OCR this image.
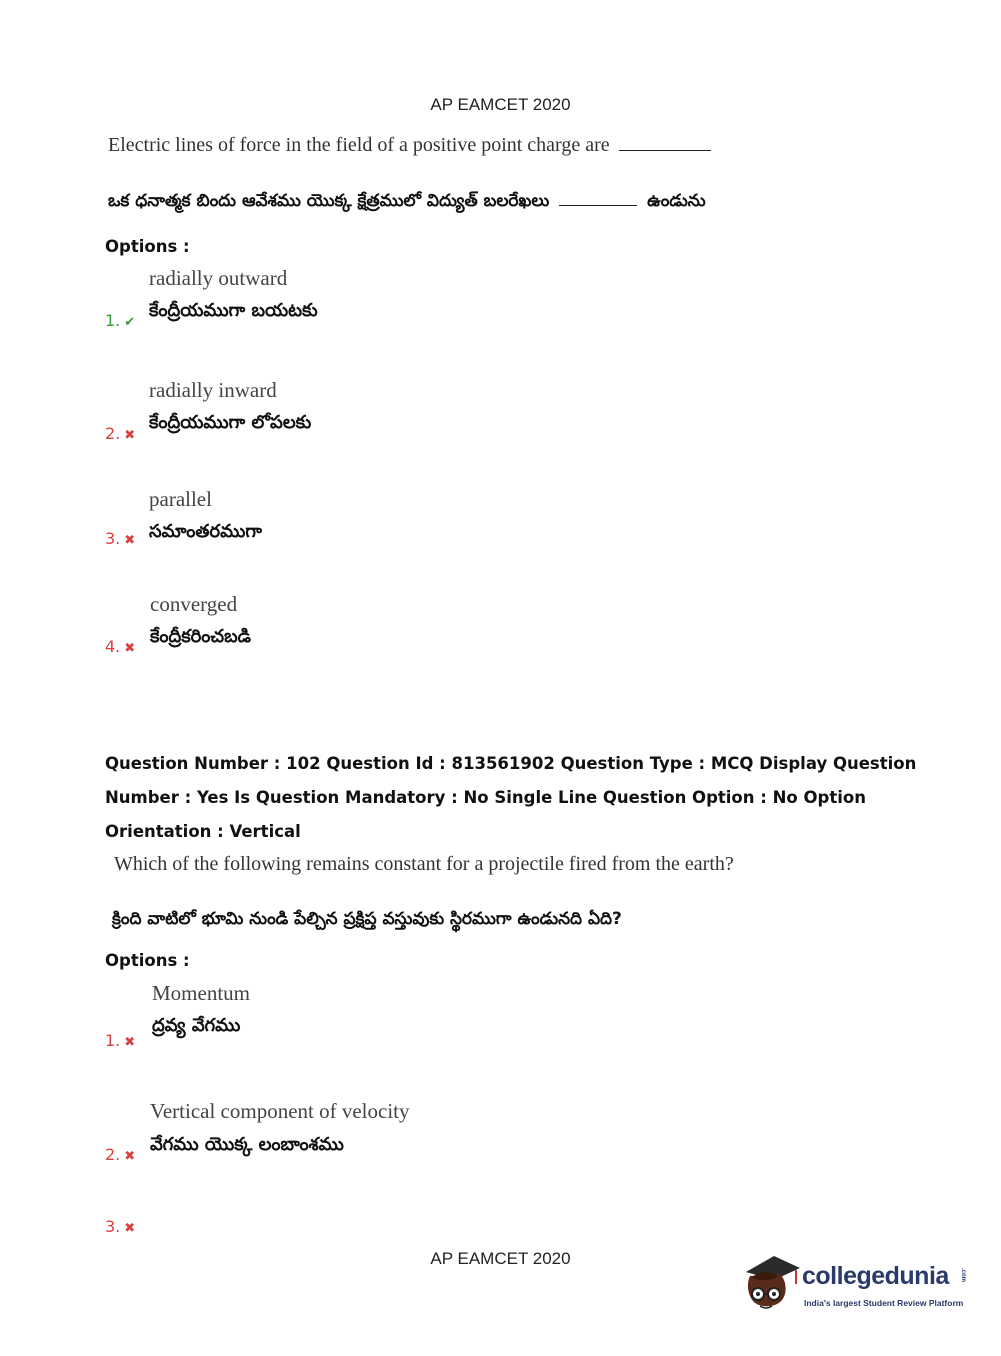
AP EAMCET 2020
Electric lines of force in the field of a positive point charge are
ఒక ధనాత్మక బిందు ఆవేశము యొక్క క్షేత్రములో విద్యుత్ బలరేఖలు	ఉండును
Options :
radially outward
కేంద్రీయముగా బయటకు
1. ✔
radially inward
కేంద్రీయముగా లోపలకు
2. ✖
parallel
సమాంతరముగా
3. ✖
converged
కేంద్రీకరించబడి
4. ✖
Question Number : 102 Question Id : 813561902 Question Type : MCQ Display Question
Number : Yes Is Question Mandatory : No Single Line Question Option : No Option
Orientation : Vertical
Which of the following remains constant for a projectile fired from the earth?
క్రింది వాటిలో భూమి నుండి పేల్చిన ప్రక్షిప్త వస్తువుకు స్థిరముగా ఉండునది ఏది?
Options :
Momentum
ద్రవ్య వేగము
1. ✖
Vertical component of velocity
వేగము యొక్క లంబాంశము
2. ✖
3. ✖
AP EAMCET 2020
collegedunia .com
India's largest Student Review Platform
